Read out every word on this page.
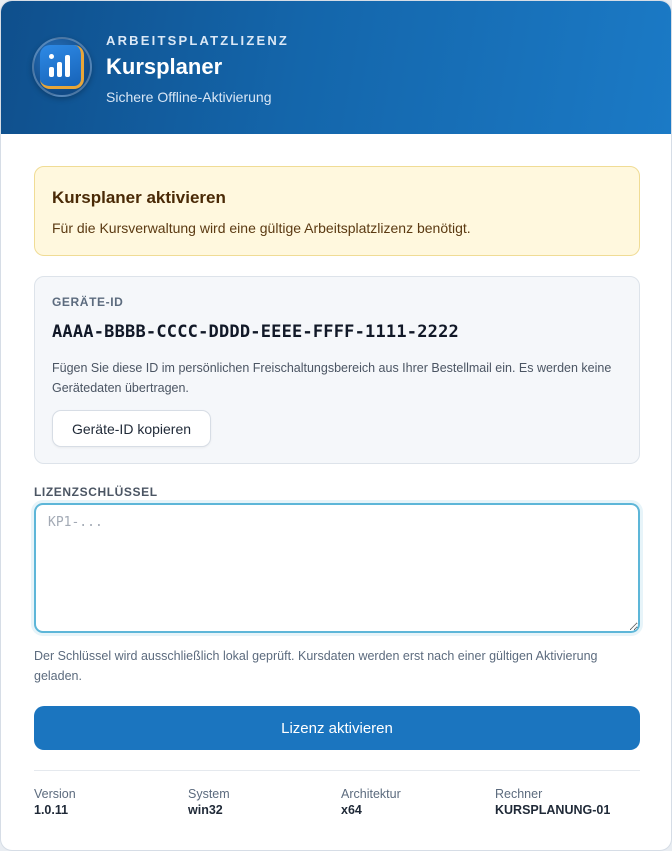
ARBEITSPLATZLIZENZ
Kursplaner
Sichere Offline-Aktivierung
Kursplaner aktivieren
Für die Kursverwaltung wird eine gültige Arbeitsplatzlizenz benötigt.
GERÄTE-ID
AAAA-BBBB-CCCC-DDDD-EEEE-FFFF-1111-2222
Fügen Sie diese ID im persönlichen Freischaltungsbereich aus Ihrer Bestellmail ein. Es werden keine Gerätedaten übertragen.
Geräte-ID kopieren
LIZENZSCHLÜSSEL
KP1-...
Der Schlüssel wird ausschließlich lokal geprüft. Kursdaten werden erst nach einer gültigen Aktivierung geladen.
Lizenz aktivieren
Version
1.0.11
System
win32
Architektur
x64
Rechner
KURSPLANUNG-01
